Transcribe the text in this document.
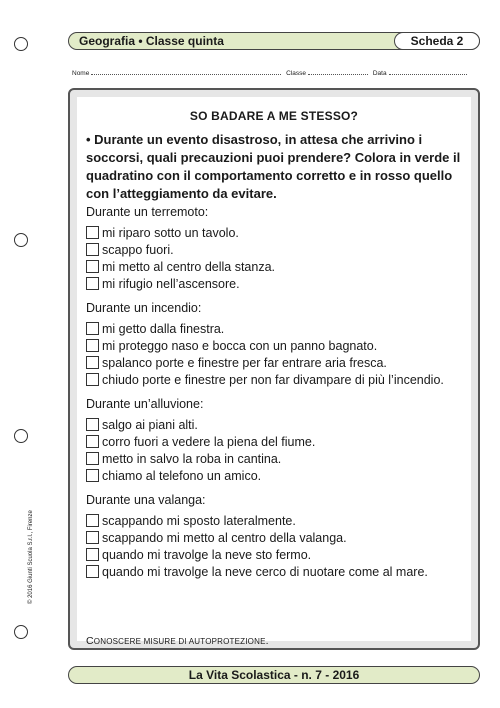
Geografia • Classe quinta	Scheda 2
Nome	Classe	Data
SO BADARE A ME STESSO?

• Durante un evento disastroso, in attesa che arrivino i soccorsi, quali precauzioni puoi prendere? Colora in verde il quadratino con il comportamento corretto e in rosso quello con l’atteggiamento da evitare.

Durante un terremoto:
mi riparo sotto un tavolo.
scappo fuori.
mi metto al centro della stanza.
mi rifugio nell’ascensore.
Durante un incendio:
mi getto dalla finestra.
mi proteggo naso e bocca con un panno bagnato.
spalanco porte e finestre per far entrare aria fresca.
chiudo porte e finestre per non far divampare di più l’incendio.
Durante un’alluvione:
salgo ai piani alti.
corro fuori a vedere la piena del fiume.
metto in salvo la roba in cantina.
chiamo al telefono un amico.
Durante una valanga:
scappando mi sposto lateralmente.
scappando mi metto al centro della valanga.
quando mi travolge la neve sto fermo.
quando mi travolge la neve cerco di nuotare come al mare.
CONOSCERE MISURE DI AUTOPROTEZIONE.
© 2016 Giunti Scuola S.r.l., Firenze
La Vita Scolastica - n. 7 - 2016
